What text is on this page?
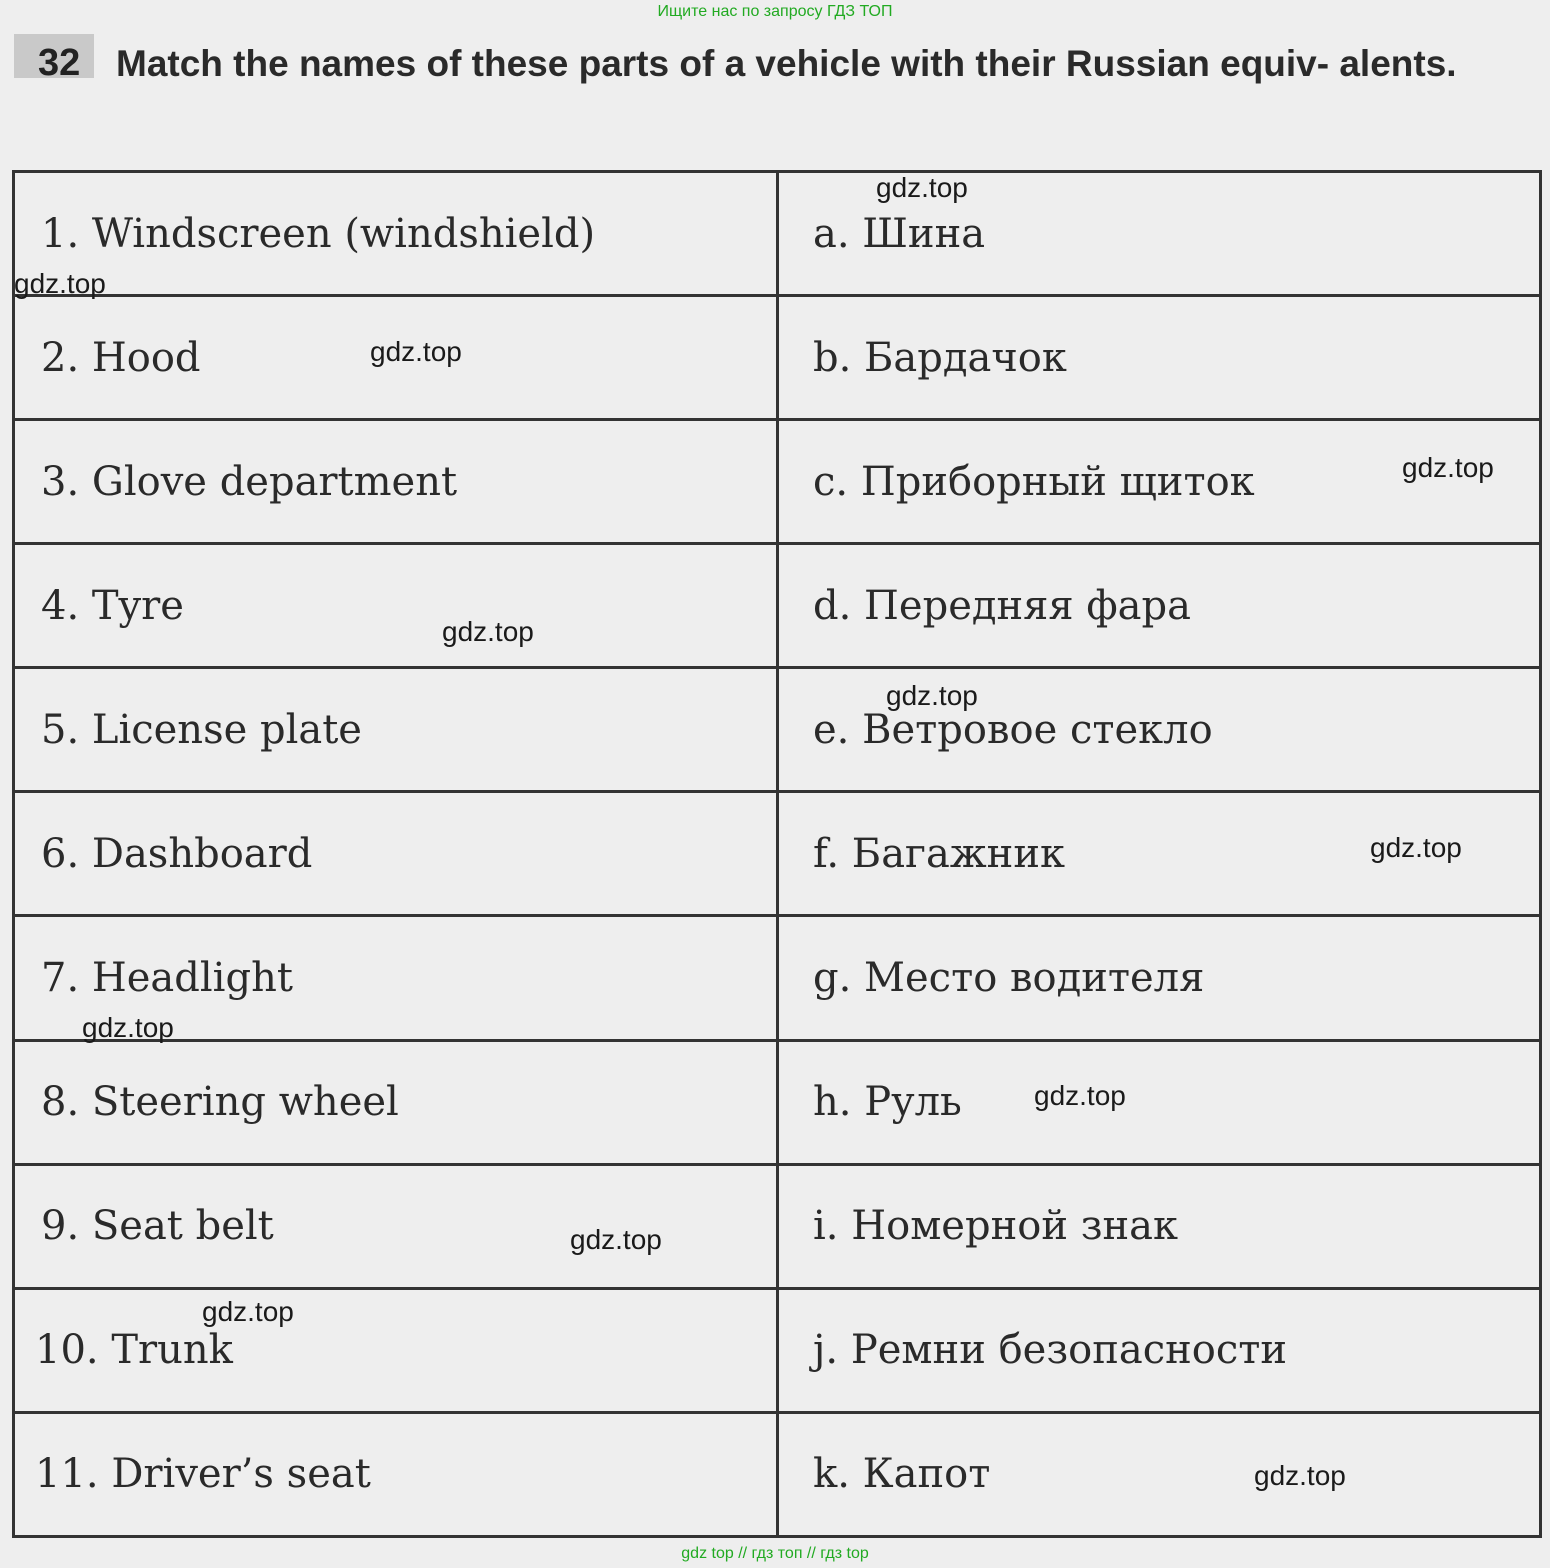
Ищите нас по запросу ГДЗ ТОП
32 Match the names of these parts of a vehicle with their Russian equiv- alents.
1. Windscreen (windshield)	a. Шина
2. Hood	b. Бардачок
3. Glove department	c. Приборный щиток
4. Tyre	d. Передняя фара
5. License plate	e. Ветровое стекло
6. Dashboard	f. Багажник
7. Headlight	g. Место водителя
8. Steering wheel	h. Руль
9. Seat belt	i. Номерной знак
10. Trunk	j. Ремни безопасности
11. Driver’s seat	k. Капот
gdz.top
gdz.top
gdz.top
gdz.top
gdz.top
gdz.top
gdz.top
gdz.top
gdz.top
gdz.top
gdz.top
gdz.top
gdz top // гдз топ // гдз top
